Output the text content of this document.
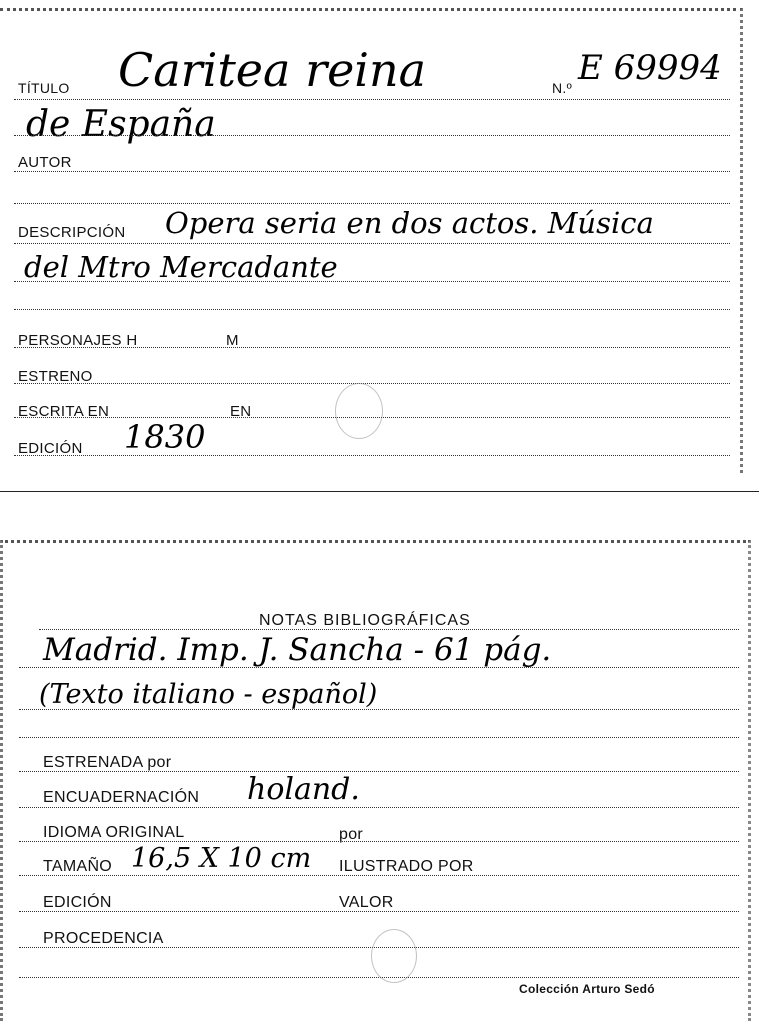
TÍTULO Caritea reina	N.º E 69994
de España
AUTOR
DESCRIPCIÓN Opera seria en dos actos. Música
del Mtro Mercadante
PERSONAJES H	M
ESTRENO
ESCRITA EN	EN
EDICIÓN 1830
NOTAS BIBLIOGRÁFICAS
Madrid. Imp. J. Sancha - 61 pág.
(Texto italiano - español)
ESTRENADA por
ENCUADERNACIÓN holand.
IDIOMA ORIGINAL	por
TAMAÑO 16,5 X 10 cm ILUSTRADO POR
EDICIÓN	VALOR
PROCEDENCIA
Colección Arturo Sedó
